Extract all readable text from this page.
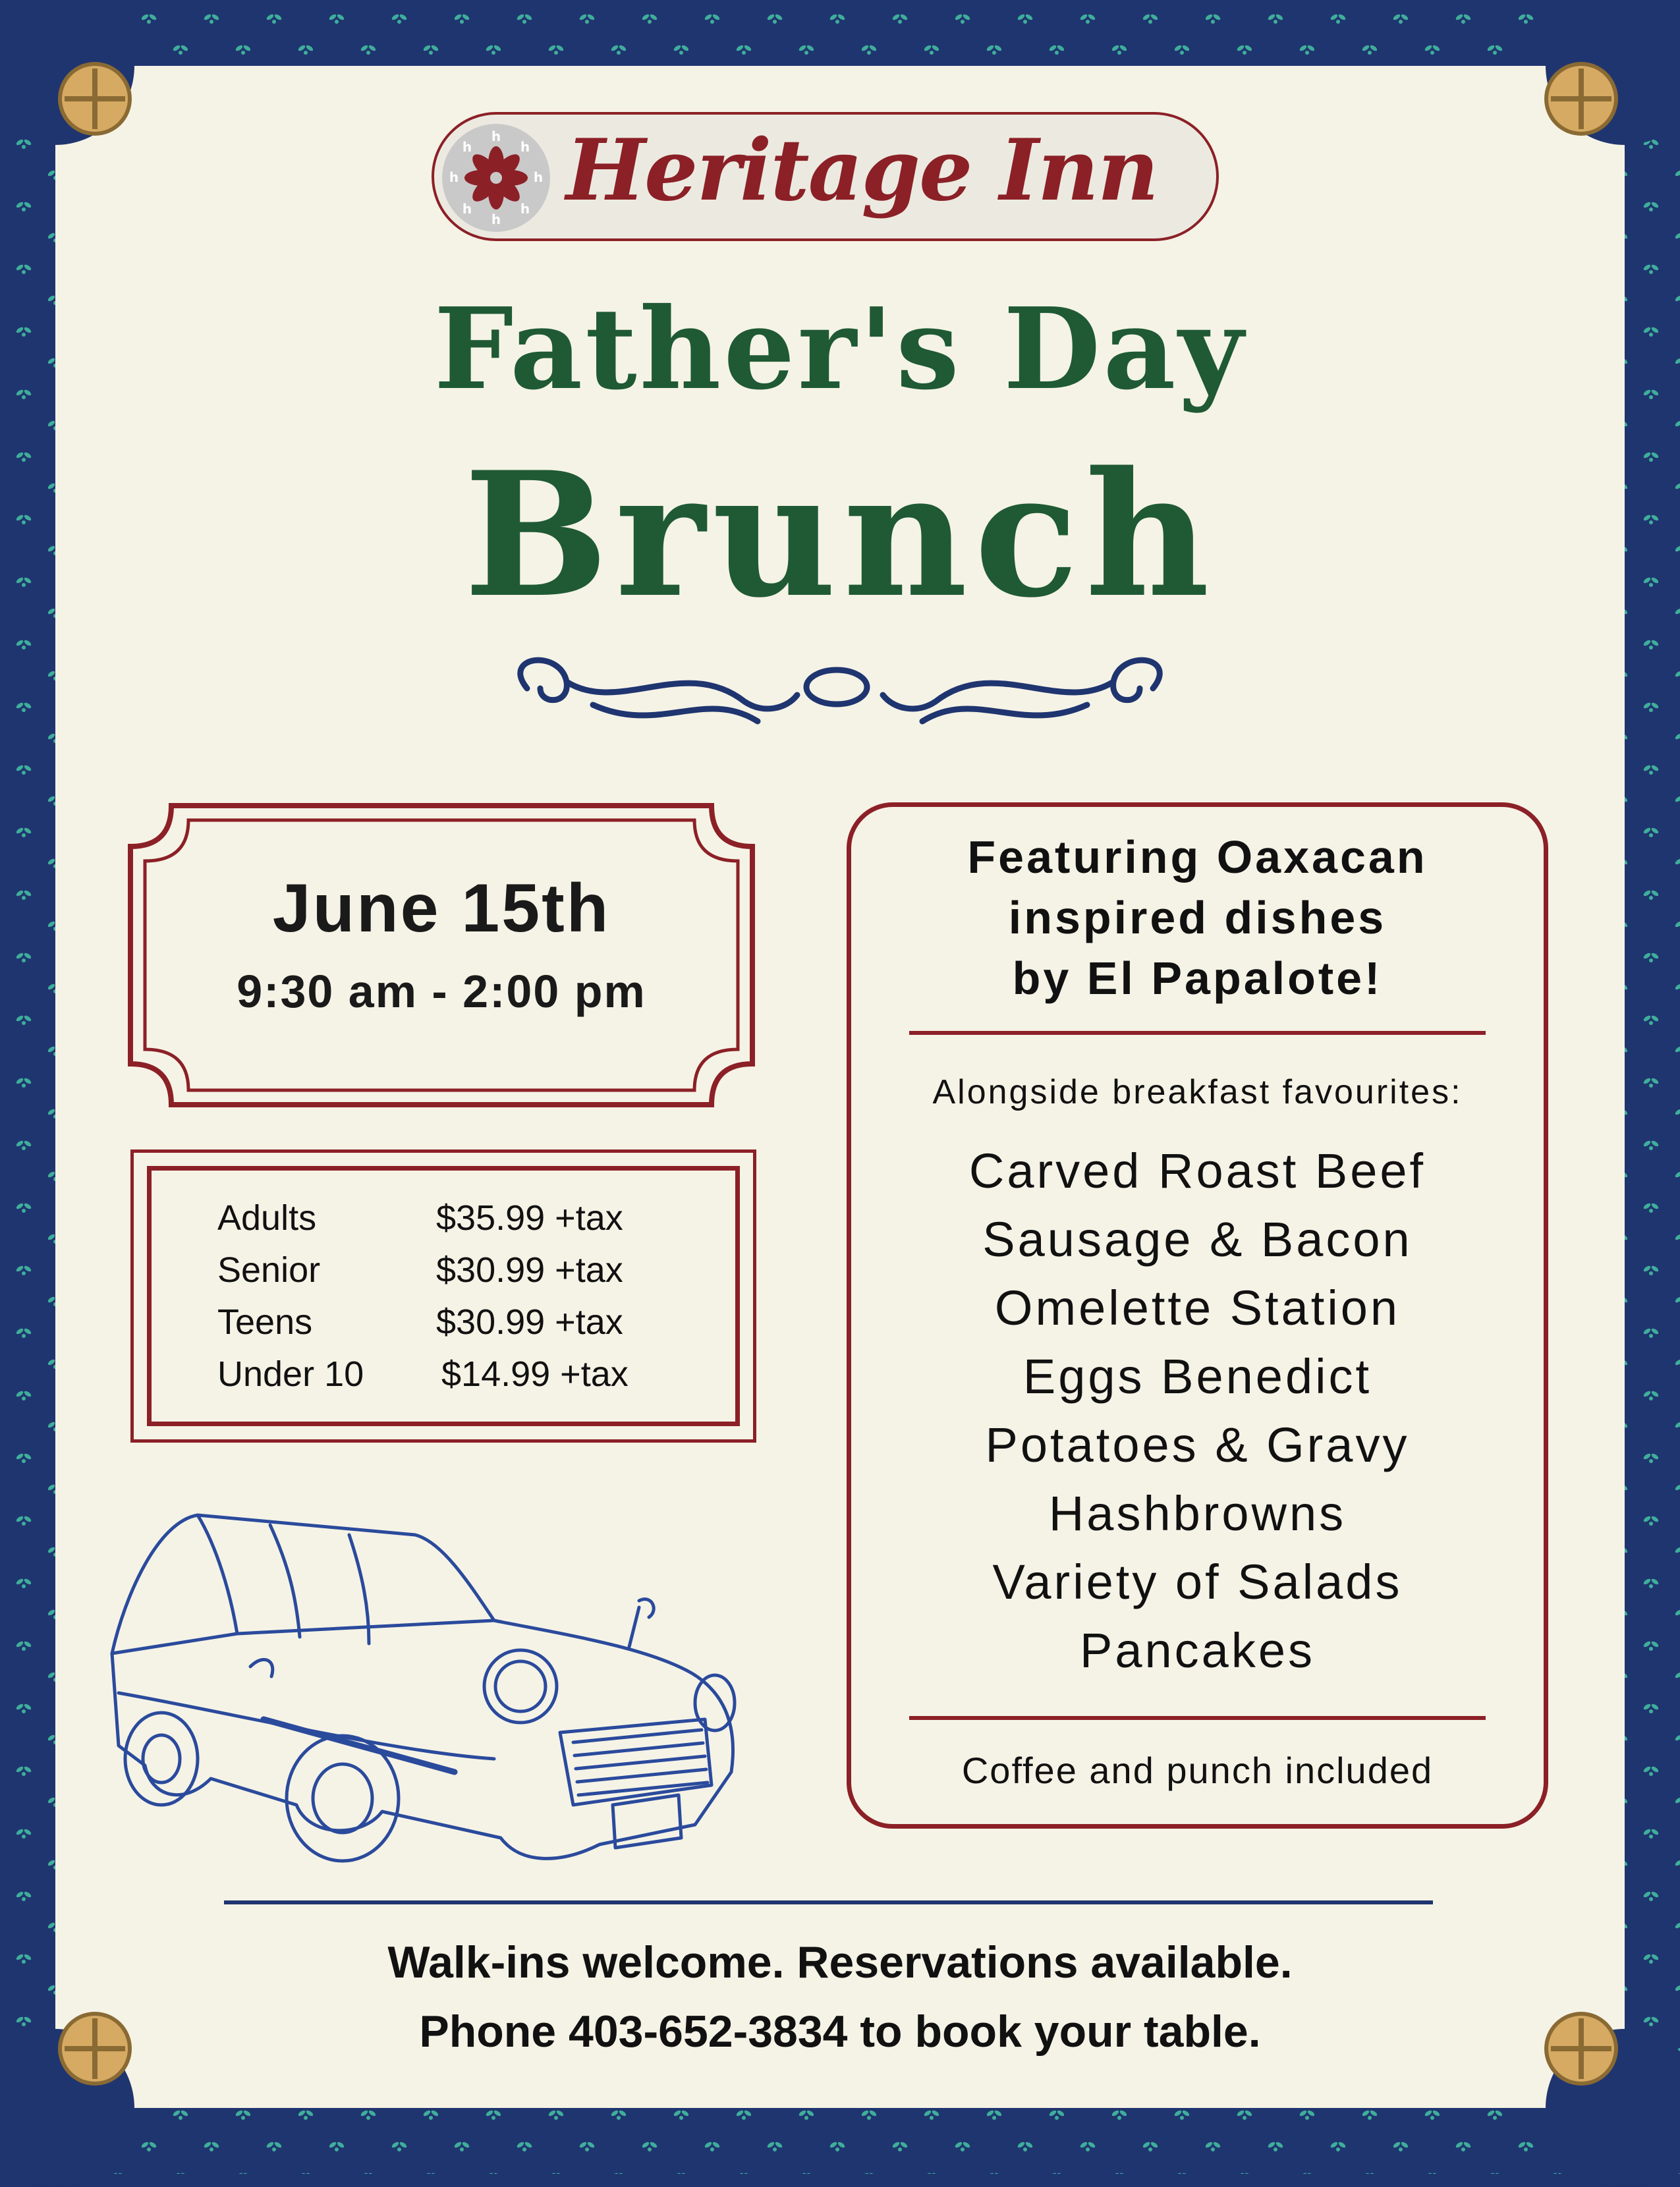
h
h
h	h
h	h
h	h Heritage Inn
Father's Day
Brunch
June 15th
9:30 am - 2:00 pm
Adults	$35.99 +tax
Senior	$30.99 +tax
Teens	$30.99 +tax
Under 10 $14.99 +tax
Featuring Oaxacan
inspired dishes
by El Papalote!
Alongside breakfast favourites:
Carved Roast Beef
Sausage & Bacon
Omelette Station
Eggs Benedict
Potatoes & Gravy
Hashbrowns
Variety of Salads
Pancakes
Coffee and punch included
Walk-ins welcome. Reservations available.
Phone 403-652-3834 to book your table.
